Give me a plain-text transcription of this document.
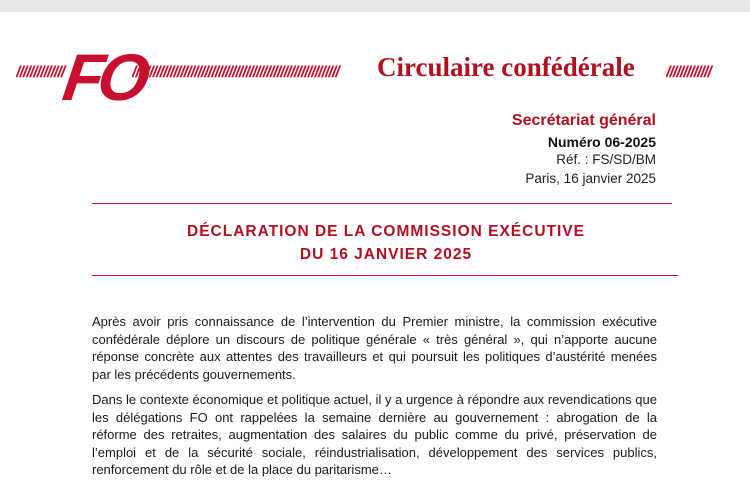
//////////////
FO
////////////////////////////////////////////////////////////	Circulaire confédérale /////////////
Secrétariat général
Numéro 06-2025
Réf. : FS/SD/BM
Paris, 16 janvier 2025
DÉCLARATION DE LA COMMISSION EXÉCUTIVE
DU 16 JANVIER 2025

Après avoir pris connaissance de l’intervention du Premier ministre, la commission exécutive confédérale déplore un discours de politique générale « très général », qui n’apporte aucune réponse concrète aux attentes des travailleurs et qui poursuit les politiques d’austérité menées par les précédents gouvernements.

Dans le contexte économique et politique actuel, il y a urgence à répondre aux revendications que les délégations FO ont rappelées la semaine dernière au gouvernement : abrogation de la réforme des retraites, augmentation des salaires du public comme du privé, préservation de l’emploi et de la sécurité sociale, réindustrialisation, développement des services publics, renforcement du rôle et de la place du paritarisme…
